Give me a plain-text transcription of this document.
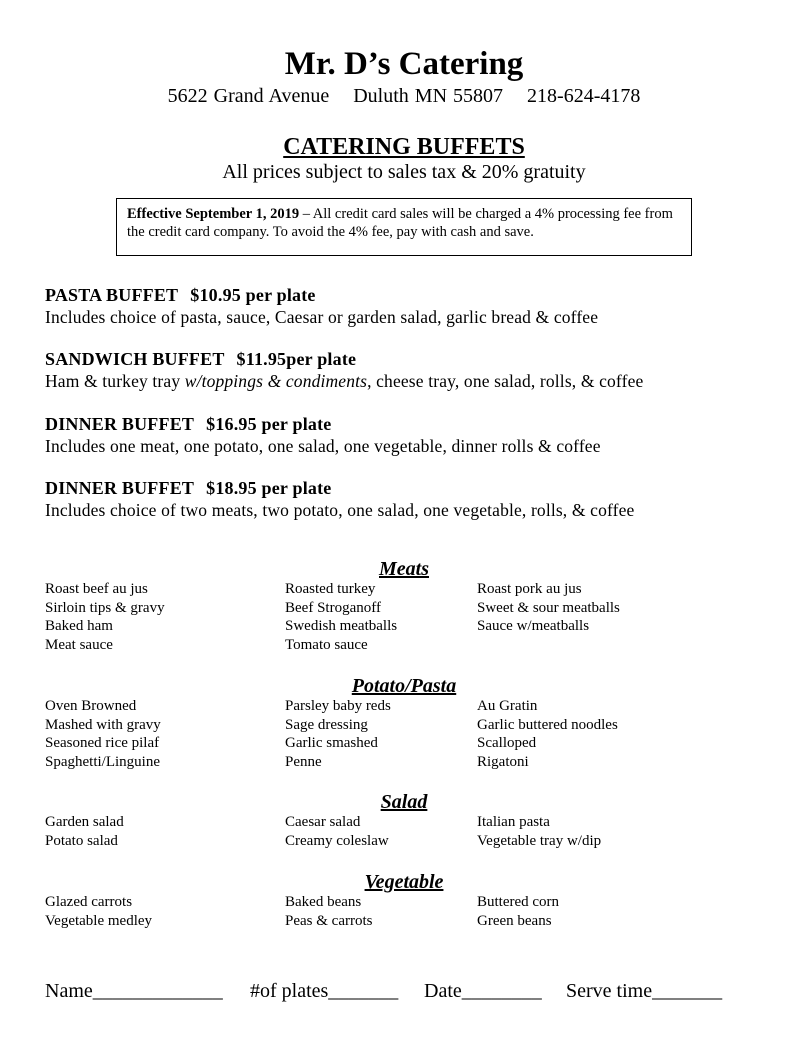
Mr. D’s Catering
5622 Grand Avenue Duluth MN 55807 218-624-4178
CATERING BUFFETS
All prices subject to sales tax & 20% gratuity
Effective September 1, 2019 – All credit card sales will be charged a 4% processing fee from the credit card company. To avoid the 4% fee, pay with cash and save.
PASTA BUFFET $10.95 per plate
Includes choice of pasta, sauce, Caesar or garden salad, garlic bread & coffee
SANDWICH BUFFET $11.95per plate
Ham & turkey tray w/toppings & condiments, cheese tray, one salad, rolls, & coffee
DINNER BUFFET $16.95 per plate
Includes one meat, one potato, one salad, one vegetable, dinner rolls & coffee
DINNER BUFFET $18.95 per plate
Includes choice of two meats, two potato, one salad, one vegetable, rolls, & coffee
Meats
Roast beef au jus	Roasted turkey	Roast pork au jus
Sirloin tips & gravy	Beef Stroganoff	Sweet & sour meatballs
Baked ham	Swedish meatballs	Sauce w/meatballs
Meat sauce	Tomato sauce
Potato/Pasta
Oven Browned	Parsley baby reds	Au Gratin
Mashed with gravy	Sage dressing	Garlic buttered noodles
Seasoned rice pilaf	Garlic smashed	Scalloped
Spaghetti/Linguine	Penne	Rigatoni
Salad
Garden salad	Caesar salad	Italian pasta
Potato salad	Creamy coleslaw	Vegetable tray w/dip
Vegetable
Glazed carrots	Baked beans	Buttered corn
Vegetable medley	Peas & carrots	Green beans
Name_____________ #of plates_______ Date________ Serve time_______
